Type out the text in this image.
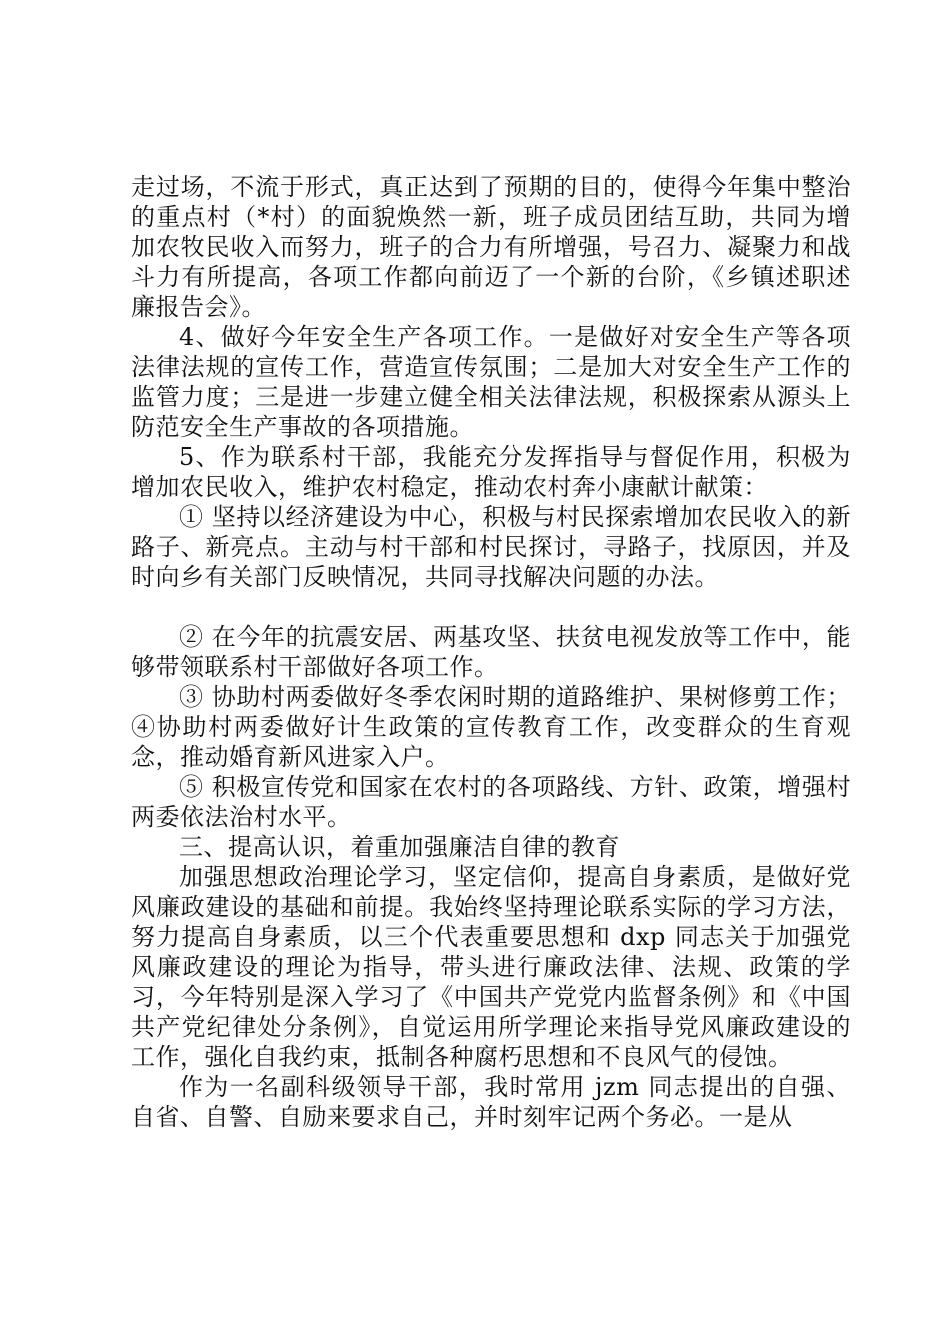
走过场，不流于形式，真正达到了预期的目的，使得今年集中整治的重点村（*村）的面貌焕然一新，班子成员团结互助，共同为增加农牧民收入而努力，班子的合力有所增强，号召力、凝聚力和战斗力有所提高，各项工作都向前迈了一个新的台阶，《乡镇述职述廉报告会》。

4、做好今年安全生产各项工作。一是做好对安全生产等各项法律法规的宣传工作，营造宣传氛围；二是加大对安全生产工作的监管力度；三是进一步建立健全相关法律法规，积极探索从源头上防范安全生产事故的各项措施。

5、作为联系村干部，我能充分发挥指导与督促作用，积极为增加农民收入，维护农村稳定，推动农村奔小康献计献策：

① 坚持以经济建设为中心，积极与村民探索增加农民收入的新路子、新亮点。主动与村干部和村民探讨，寻路子，找原因，并及时向乡有关部门反映情况，共同寻找解决问题的办法。

② 在今年的抗震安居、两基攻坚、扶贫电视发放等工作中，能够带领联系村干部做好各项工作。

③ 协助村两委做好冬季农闲时期的道路维护、果树修剪工作；④协助村两委做好计生政策的宣传教育工作，改变群众的生育观念，推动婚育新风进家入户。

⑤ 积极宣传党和国家在农村的各项路线、方针、政策，增强村两委依法治村水平。

三、提高认识，着重加强廉洁自律的教育

加强思想政治理论学习，坚定信仰，提高自身素质，是做好党风廉政建设的基础和前提。我始终坚持理论联系实际的学习方法，努力提高自身素质，以三个代表重要思想和 dxp 同志关于加强党风廉政建设的理论为指导，带头进行廉政法律、法规、政策的学习，今年特别是深入学习了《中国共产党党内监督条例》和《中国共产党纪律处分条例》，自觉运用所学理论来指导党风廉政建设的工作，强化自我约束，抵制各种腐朽思想和不良风气的侵蚀。

作为一名副科级领导干部，我时常用 jzm 同志提出的自强、自省、自警、自励来要求自己，并时刻牢记两个务必。一是从
